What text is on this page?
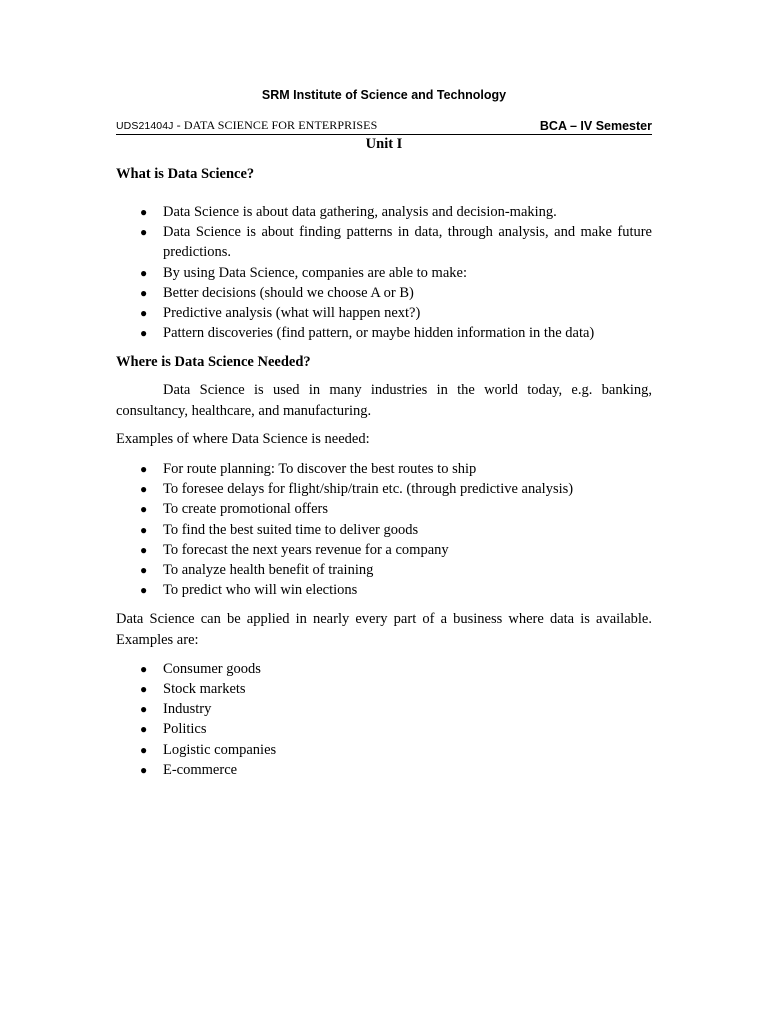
SRM Institute of Science and Technology
UDS21404J - DATA SCIENCE FOR ENTERPRISES	BCA – IV Semester
Unit I
What is Data Science?
● Data Science is about data gathering, analysis and decision-making.
● Data Science is about finding patterns in data, through analysis, and make future predictions.
● By using Data Science, companies are able to make:
● Better decisions (should we choose A or B)
● Predictive analysis (what will happen next?)
● Pattern discoveries (find pattern, or maybe hidden information in the data)
Where is Data Science Needed?

Data Science is used in many industries in the world today, e.g. banking, consultancy, healthcare, and manufacturing.

Examples of where Data Science is needed:

● For route planning: To discover the best routes to ship
● To foresee delays for flight/ship/train etc. (through predictive analysis)
● To create promotional offers
● To find the best suited time to deliver goods
● To forecast the next years revenue for a company
● To analyze health benefit of training
● To predict who will win elections

Data Science can be applied in nearly every part of a business where data is available. Examples are:

● Consumer goods
● Stock markets
● Industry
● Politics
● Logistic companies
● E-commerce
